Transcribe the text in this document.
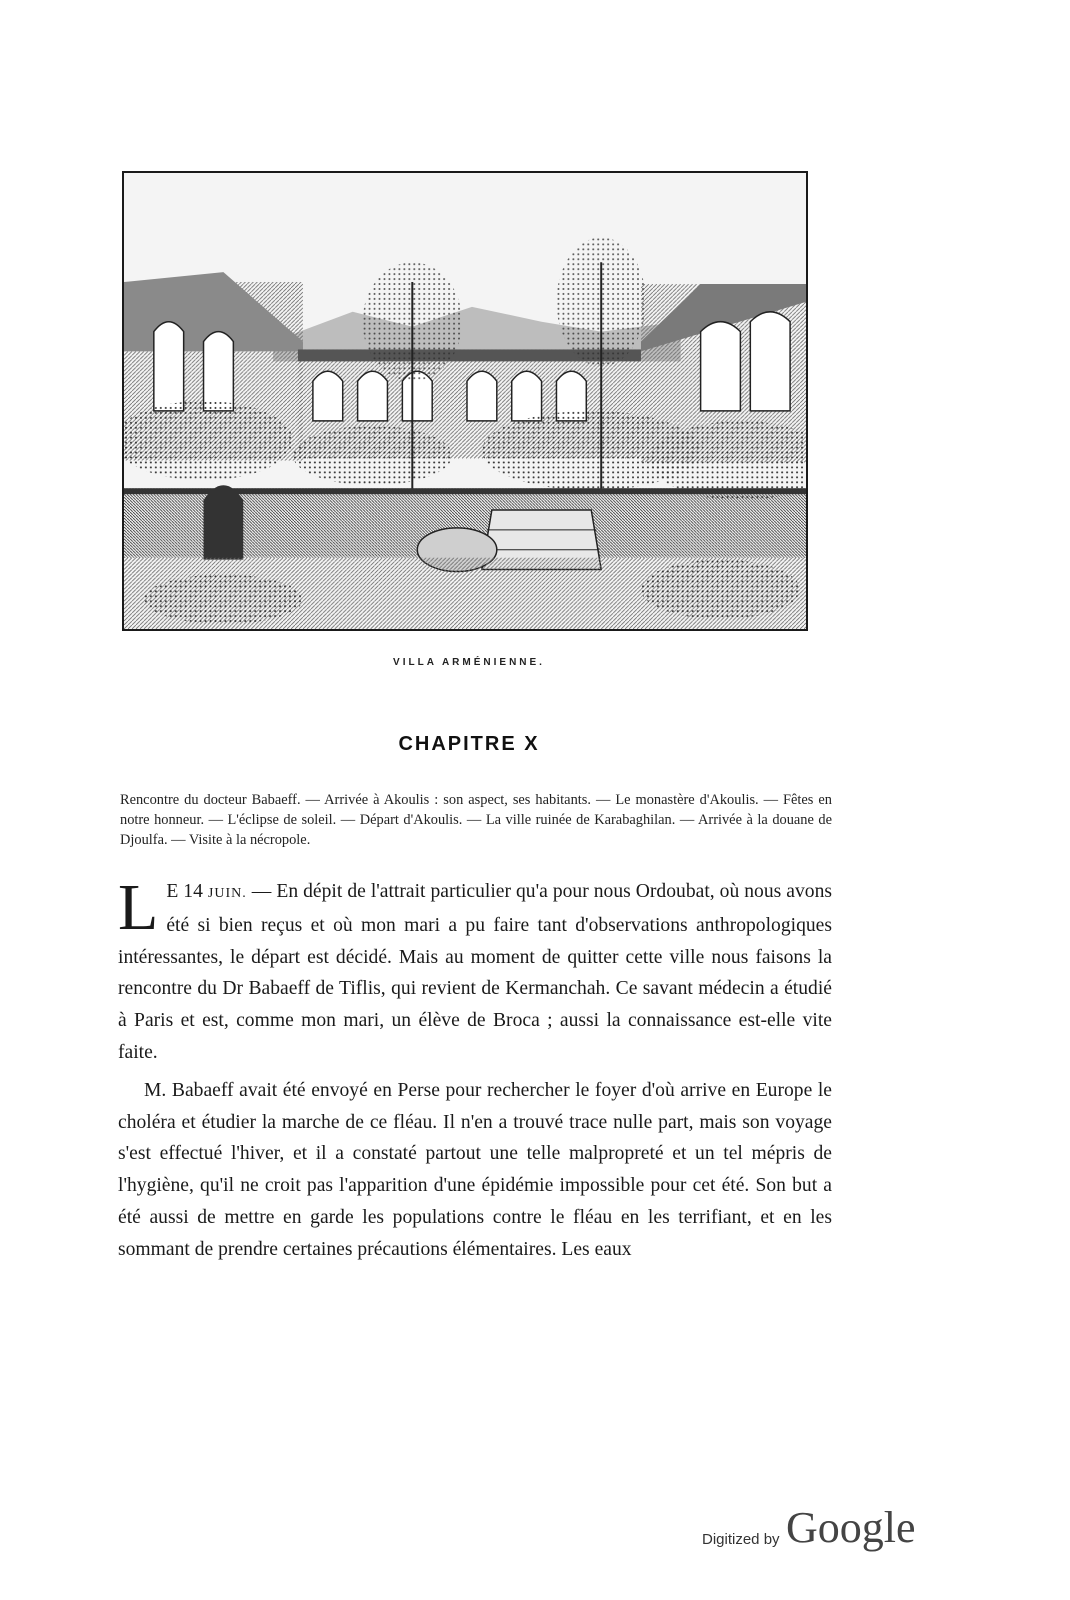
VILLA ARMÉNIENNE.
CHAPITRE X
Rencontre du docteur Babaeff. — Arrivée à Akoulis : son aspect, ses habitants. — Le monastère d'Akoulis. — Fêtes en notre honneur. — L'éclipse de soleil. — Départ d'Akoulis. — La ville ruinée de Karabaghilan. — Arrivée à la douane de Djoulfa. — Visite à la nécropole.

L E 14 JUIN. — En dépit de l'attrait particulier qu'a pour nous Ordoubat, où nous avons été si bien reçus et où mon mari a pu faire tant d'observations anthropologiques intéressantes, le départ est décidé. Mais au moment de quitter cette ville nous faisons la rencontre du Dr Babaeff de Tiflis, qui revient de Kermanchah. Ce savant médecin a étudié à Paris et est, comme mon mari, un élève de Broca ; aussi la connaissance est-elle vite faite.

M. Babaeff avait été envoyé en Perse pour rechercher le foyer d'où arrive en Europe le choléra et étudier la marche de ce fléau. Il n'en a trouvé trace nulle part, mais son voyage s'est effectué l'hiver, et il a constaté partout une telle malpropreté et un tel mépris de l'hygiène, qu'il ne croit pas l'apparition d'une épidémie impossible pour cet été. Son but a été aussi de mettre en garde les populations contre le fléau en les terrifiant, et en les sommant de prendre certaines précautions élémentaires. Les eaux

Digitized by Google
